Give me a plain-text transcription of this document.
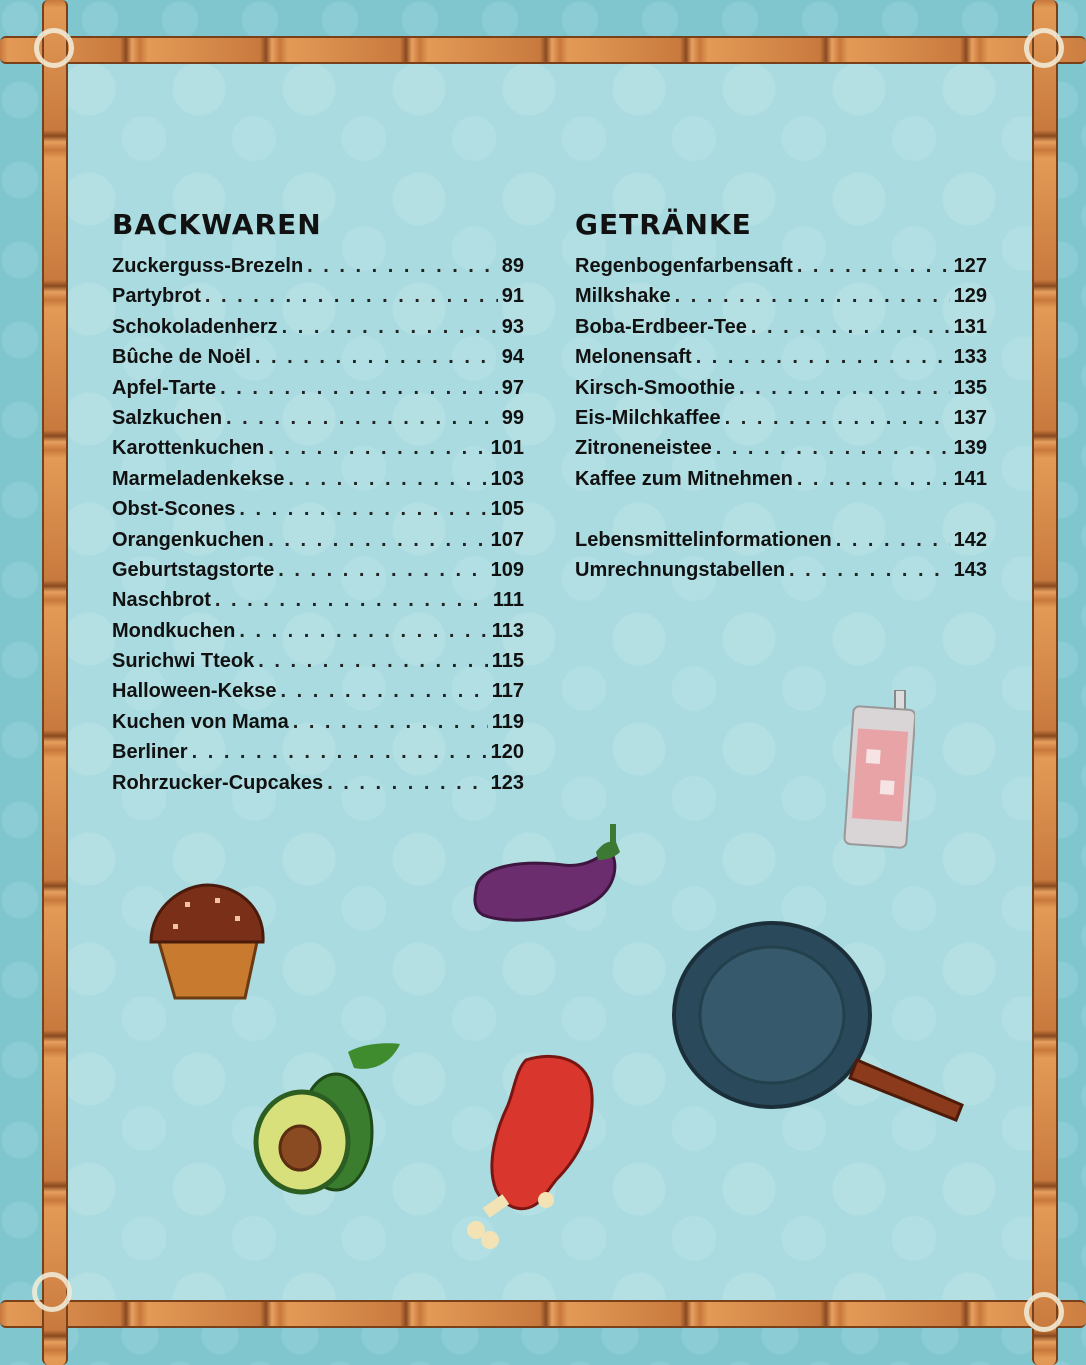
BACKWAREN
Zuckerguss-Brezeln . . .	89
Partybrot . . .	91
Schokoladenherz . . .	93
Bûche de Noël . . .	94
Apfel-Tarte . . .	97
Salzkuchen . . .	99
Karottenkuchen . . .	101
Marmeladenkekse . . .	103
Obst-Scones . . .	105
Orangenkuchen . . .	107
Geburtstagstorte . . .	109
Naschbrot . . .	111
Mondkuchen . . .	113
Surichwi Tteok . . .	115
Halloween-Kekse . . .	117
Kuchen von Mama . . .	119
Berliner . . .	120
Rohrzucker-Cupcakes . . .	123
GETRÄNKE
Regenbogenfarbensaft . . .	127
Milkshake . . .	129
Boba-Erdbeer-Tee . . .	131
Melonensaft . . .	133
Kirsch-Smoothie . . .	135
Eis-Milchkaffee . . .	137
Zitroneneistee . . .	139
Kaffee zum Mitnehmen . . .	141
Lebensmittelinformationen . . .	142
Umrechnungstabellen . . .	143
